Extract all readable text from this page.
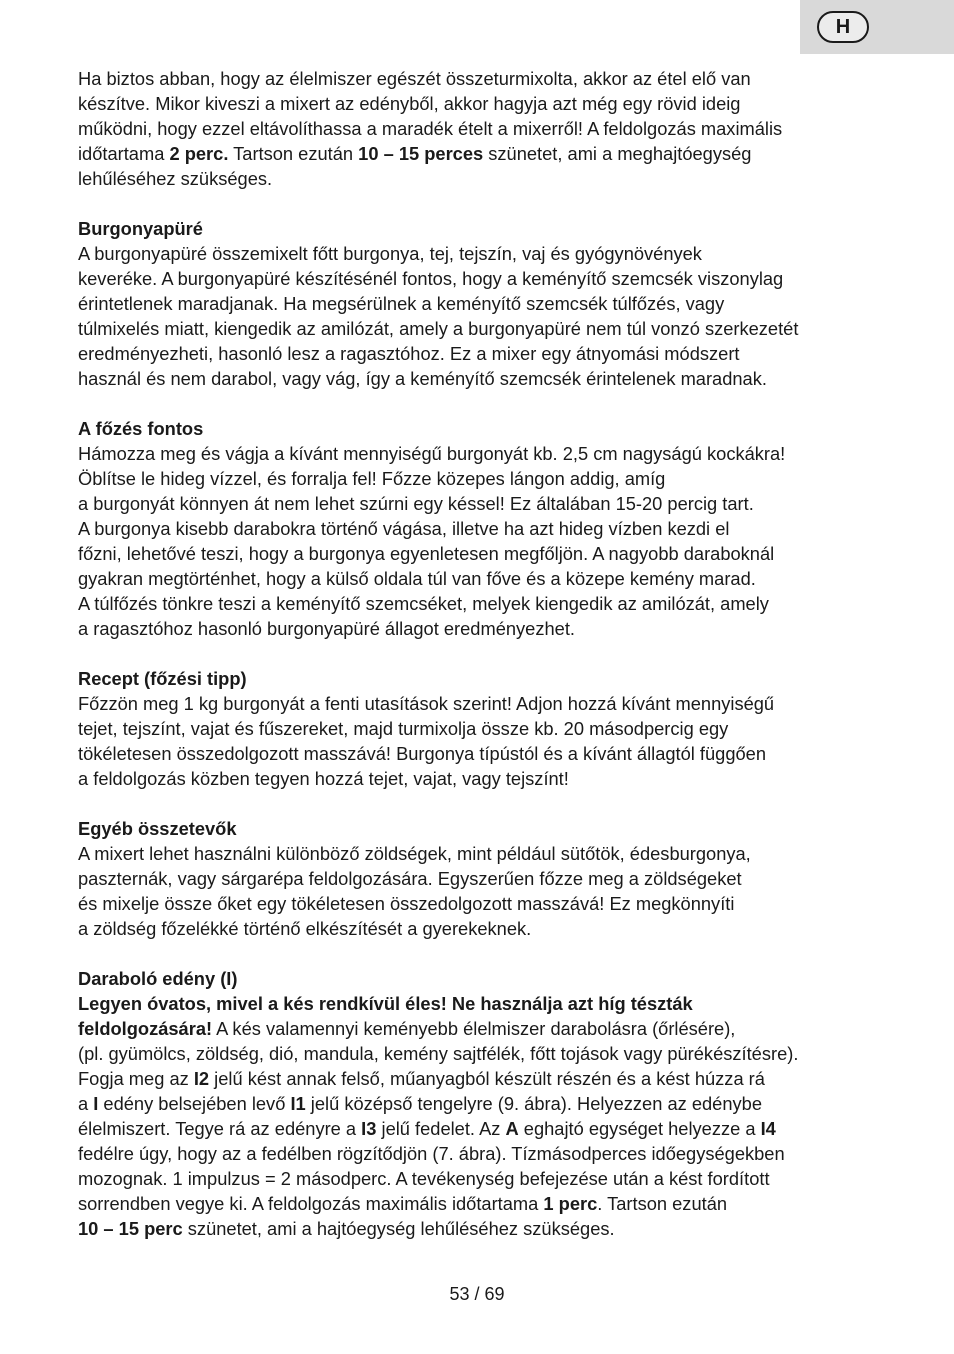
H

Ha biztos abban, hogy az élelmiszer egészét összeturmixolta, akkor az étel elő van

készítve. Mikor kiveszi a mixert az edényből, akkor hagyja azt még egy rövid ideig

működni, hogy ezzel eltávolíthassa a maradék ételt a mixerről! A feldolgozás maximális

időtartama 2 perc. Tartson ezután 10 – 15 perces szünetet, ami a meghajtóegység

lehűléséhez szükséges.

Burgonyapüré

A burgonyapüré összemixelt főtt burgonya, tej, tejszín, vaj és gyógynövények

keveréke. A burgonyapüré készítésénél fontos, hogy a keményítő szemcsék viszonylag

érintetlenek maradjanak. Ha megsérülnek a keményítő szemcsék túlfőzés, vagy

túlmixelés miatt, kiengedik az amilózát, amely a burgonyapüré nem túl vonzó szerkezetét

eredményezheti, hasonló lesz a ragasztóhoz. Ez a mixer egy átnyomási módszert

használ és nem darabol, vagy vág, így a keményítő szemcsék érintelenek maradnak.

A főzés fontos

Hámozza meg és vágja a kívánt mennyiségű burgonyát kb. 2,5 cm nagyságú kockákra!

Öblítse le hideg vízzel, és forralja fel! Főzze közepes lángon addig, amíg

a burgonyát könnyen át nem lehet szúrni egy késsel! Ez általában 15-20 percig tart.

A burgonya kisebb darabokra történő vágása, illetve ha azt hideg vízben kezdi el

főzni, lehetővé teszi, hogy a burgonya egyenletesen megfőljön. A nagyobb daraboknál

gyakran megtörténhet, hogy a külső oldala túl van főve és a közepe kemény marad.

A túlfőzés tönkre teszi a keményítő szemcséket, melyek kiengedik az amilózát, amely

a ragasztóhoz hasonló burgonyapüré állagot eredményezhet.

Recept (főzési tipp)

Főzzön meg 1 kg burgonyát a fenti utasítások szerint! Adjon hozzá kívánt mennyiségű

tejet, tejszínt, vajat és fűszereket, majd turmixolja össze kb. 20 másodpercig egy

tökéletesen összedolgozott masszává! Burgonya típústól és a kívánt állagtól függően

a feldolgozás közben tegyen hozzá tejet, vajat, vagy tejszínt!

Egyéb összetevők

A mixert lehet használni különböző zöldségek, mint például sütőtök, édesburgonya,

paszternák, vagy sárgarépa feldolgozására. Egyszerűen főzze meg a zöldségeket

és mixelje össze őket egy tökéletesen összedolgozott masszává! Ez megkönnyíti

a zöldség főzelékké történő elkészítését a gyerekeknek.

Daraboló edény (I)

Legyen óvatos, mivel a kés rendkívül éles! Ne használja azt híg tészták

feldolgozására! A kés valamennyi keményebb élelmiszer darabolásra (őrlésére),

(pl. gyümölcs, zöldség, dió, mandula, kemény sajtfélék, főtt tojások vagy pürékészítésre).

Fogja meg az I2 jelű kést annak felső, műanyagból készült részén és a kést húzza rá

a I edény belsejében levő I1 jelű középső tengelyre (9. ábra). Helyezzen az edénybe

élelmiszert. Tegye rá az edényre a I3 jelű fedelet. Az A eghajtó egységet helyezze a I4

fedélre úgy, hogy az a fedélben rögzítődjön (7. ábra). Tízmásodperces időegységekben

mozognak. 1 impulzus = 2 másodperc. A tevékenység befejezése után a kést fordított

sorrendben vegye ki. A feldolgozás maximális időtartama 1 perc. Tartson ezután

10 – 15 perc szünetet, ami a hajtóegység lehűléséhez szükséges.

53 / 69
